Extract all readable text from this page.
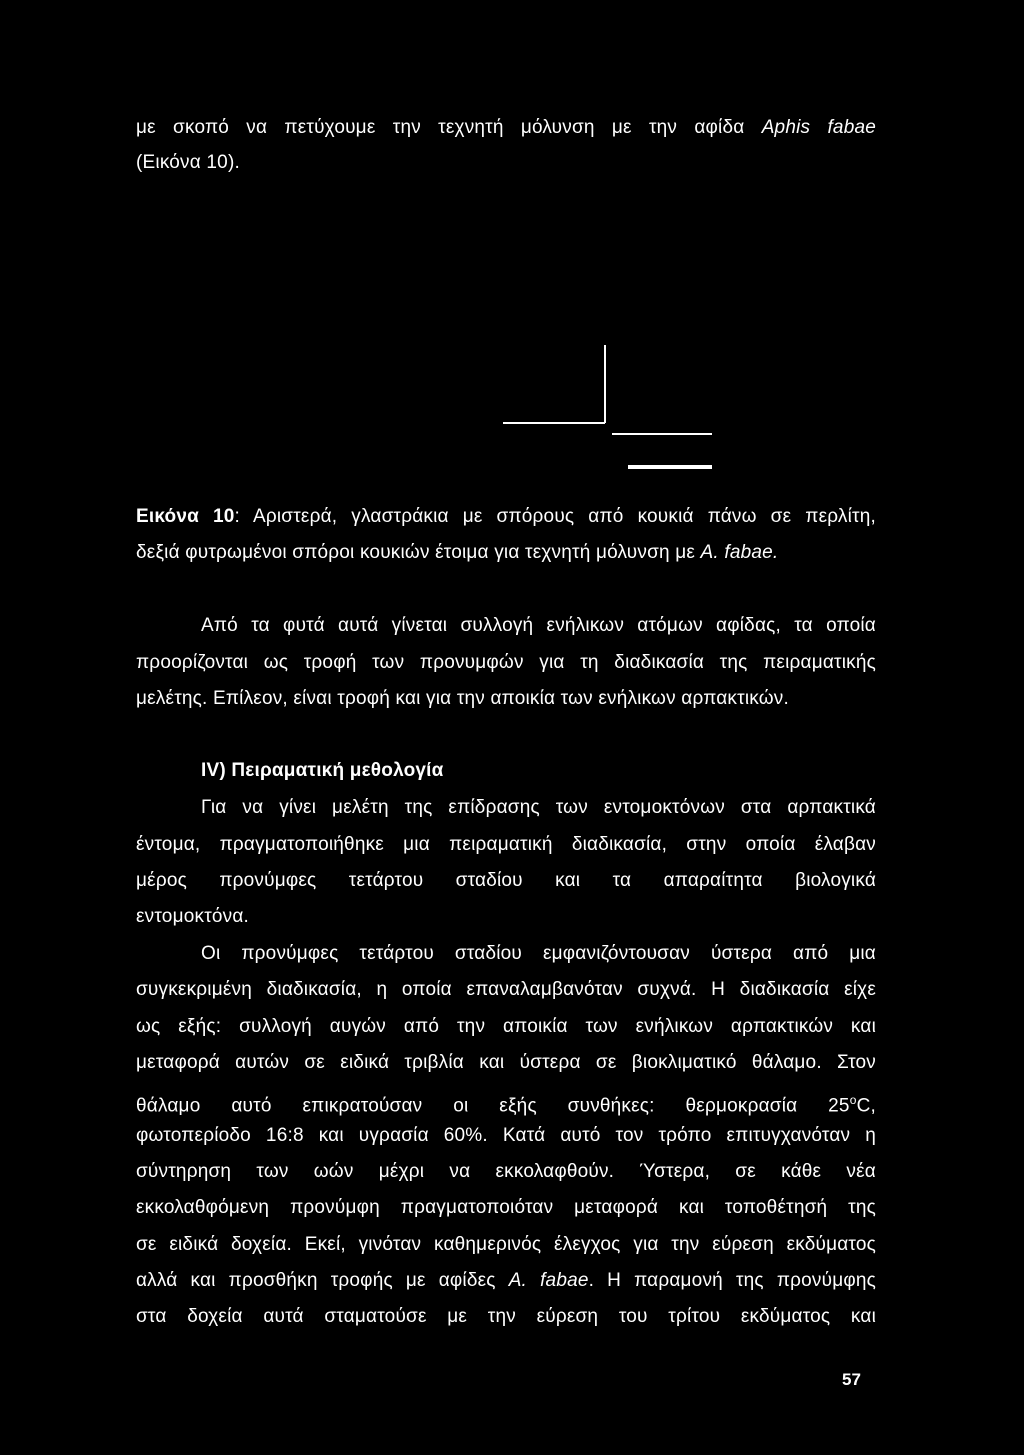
με σκοπό να πετύχουμε την τεχνητή μόλυνση με την αφίδα Aphis fabae
(Εικόνα 10).
Εικόνα 10: Αριστερά, γλαστράκια με σπόρους από κουκιά πάνω σε περλίτη,
δεξιά φυτρωμένοι σπόροι κουκιών έτοιμα για τεχνητή μόλυνση με A. fabae.
Από τα φυτά αυτά γίνεται συλλογή ενήλικων ατόμων αφίδας, τα οποία
προορίζονται ως τροφή των προνυμφών για τη διαδικασία της πειραματικής
μελέτης. Επίλεον, είναι τροφή και για την αποικία των ενήλικων αρπακτικών.
IV) Πειραματική μεθολογία
Για να γίνει μελέτη της επίδρασης των εντομοκτόνων στα αρπακτικά
έντομα, πραγματοποιήθηκε μια πειραματική διαδικασία, στην οποία έλαβαν
μέρος προνύμφες τετάρτου σταδίου και τα απαραίτητα βιολογικά
εντομοκτόνα.
Οι προνύμφες τετάρτου σταδίου εμφανιζόντουσαν ύστερα από μια
συγκεκριμένη διαδικασία, η οποία επαναλαμβανόταν συχνά. Η διαδικασία είχε
ως εξής: συλλογή αυγών από την αποικία των ενήλικων αρπακτικών και
μεταφορά αυτών σε ειδικά τριβλία και ύστερα σε βιοκλιματικό θάλαμο. Στον
θάλαμο αυτό επικρατούσαν οι εξής συνθήκες: θερμοκρασία 25$^o$C,
φωτοπερίοδο 16:8 και υγρασία 60%. Κατά αυτό τον τρόπο επιτυγχανόταν η
σύντηρηση των ωών μέχρι να εκκολαφθούν. Ύστερα, σε κάθε νέα
εκκολαθφόμενη προνύμφη πραγματοποιόταν μεταφορά και τοποθέτησή της
σε ειδικά δοχεία. Εκεί, γινόταν καθημερινός έλεγχος για την εύρεση εκδύματος
αλλά και προσθήκη τροφής με αφίδες A. fabae. Η παραμονή της προνύμφης
στα δοχεία αυτά σταματούσε με την εύρεση του τρίτου εκδύματος και
57
